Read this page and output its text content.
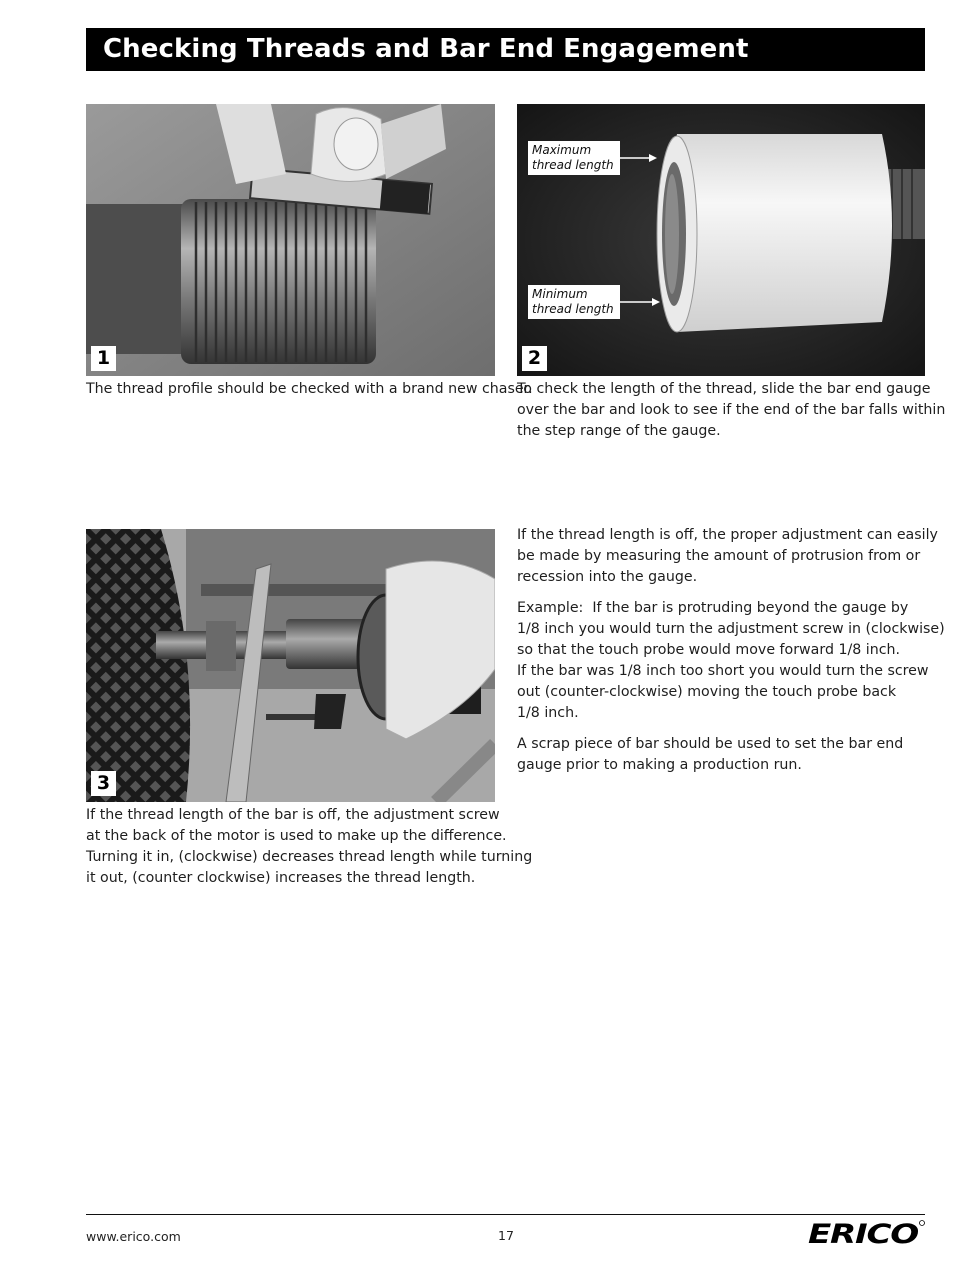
Checking Threads and Bar End Engagement
1
Maximum
thread length
Minimum
thread length
2

The thread profile should be checked with a brand new chaser.

To check the length of the thread, slide the bar end gauge
over the bar and look to see if the end of the bar falls within
the step range of the gauge.
3
If the thread length of the bar is off, the adjustment screw
at the back of the motor is used to make up the difference.
Turning it in, (clockwise) decreases thread length while turning
it out, (counter clockwise) increases the thread length.
If the thread length is off, the proper adjustment can easily
be made by measuring the amount of protrusion from or
recession into the gauge.
Example:  If the bar is protruding beyond the gauge by
1/8 inch you would turn the adjustment screw in (clockwise)
so that the touch probe would move forward 1/8 inch.
If the bar was 1/8 inch too short you would turn the screw
out (counter-clockwise) moving the touch probe back
1/8 inch.
A scrap piece of bar should be used to set the bar end
gauge prior to making a production run.
www.erico.com	17	ERICO
